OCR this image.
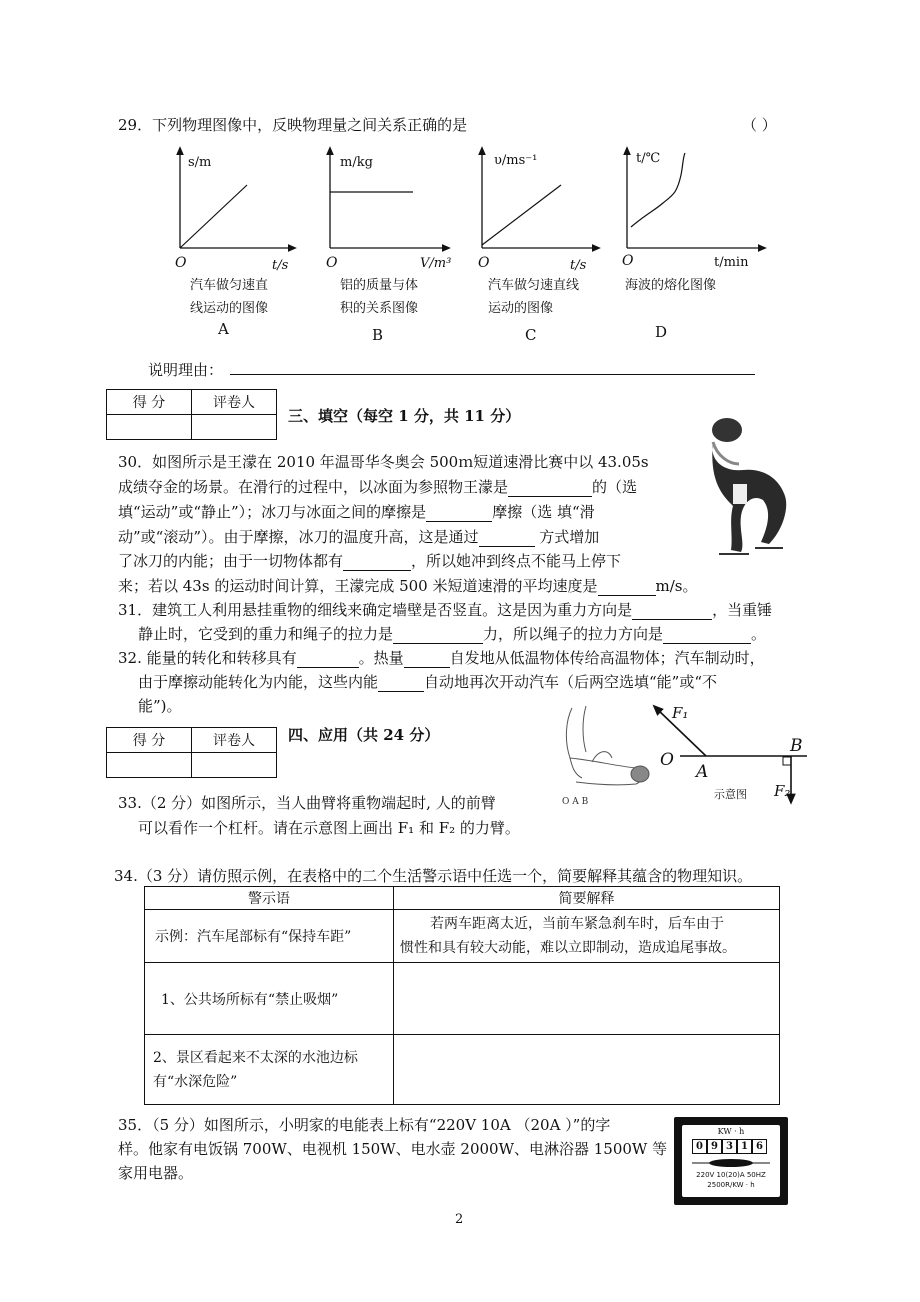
29．下列物理图像中，反映物理量之间关系正确的是	（ ）
s/m
t/s
O
m/kg
V/m³
O
υ/ms⁻¹
t/s
O
t/℃
t/min
O
汽车做匀速直
线运动的图像
A
铝的质量与体
积的关系图像
B
汽车做匀速直线
运动的图像
C
海波的熔化图像
D
说明理由：
得 分	评卷人

三、填空（每空 1 分，共 11 分）
30．如图所示是王濛在 2010 年温哥华冬奥会 500ｍ短道速滑比赛中以 43.05s
成绩夺金的场景。在滑行的过程中，以冰面为参照物王濛是	的（选
填“运动”或“静止”）；冰刀与冰面之间的摩擦是	摩擦（选 填“滑
动”或“滚动”）。由于摩擦，冰刀的温度升高，这是通过	方式增加
了冰刀的内能；由于一切物体都有	，所以她冲到终点不能马上停下
来；若以 43s 的运动时间计算，王濛完成 500 米短道速滑的平均速度是	m/s。
31．建筑工人利用悬挂重物的细线来确定墙壁是否竖直。这是因为重力方向是	，当重锤
静止时，它受到的重力和绳子的拉力是	力，所以绳子的拉力方向是	。
32. 能量的转化和转移具有	。热量	自发地从低温物体传给高温物体；汽车制动时，
由于摩擦动能转化为内能，这些内能	自动地再次开动汽车（后两空选填“能”或“不
能”)。
得 分	评卷人
	四、应用（共 24 分）
O A B
F₁
O
A
B
F₂
示意图
33.（2 分）如图所示，当人曲臂将重物端起时, 人的前臂
可以看作一个杠杆。请在示意图上画出 F₁ 和 F₂ 的力臂。
34.（3 分）请仿照示例，在表格中的二个生活警示语中任选一个，简要解释其蕴含的物理知识。
警示语	简要解释
示例：汽车尾部标有“保持车距”	若两车距离太近，当前车紧急刹车时，后车由于
惯性和具有较大动能，难以立即制动，造成追尾事故。

1、公共场所标有“禁止吸烟”	

2、景区看起来不太深的水池边标
有“水深危险”	

35．（5 分）如图所示，小明家的电能表上标有“220V 10A （20A ）”的字
样。他家有电饭锅 700W、电视机 150W、电水壶 2000W、电淋浴器 1500W 等
家用电器。
KW · h
0 9 3 1 6
220V 10(20)A 50HZ
2500R/KW · h
2
